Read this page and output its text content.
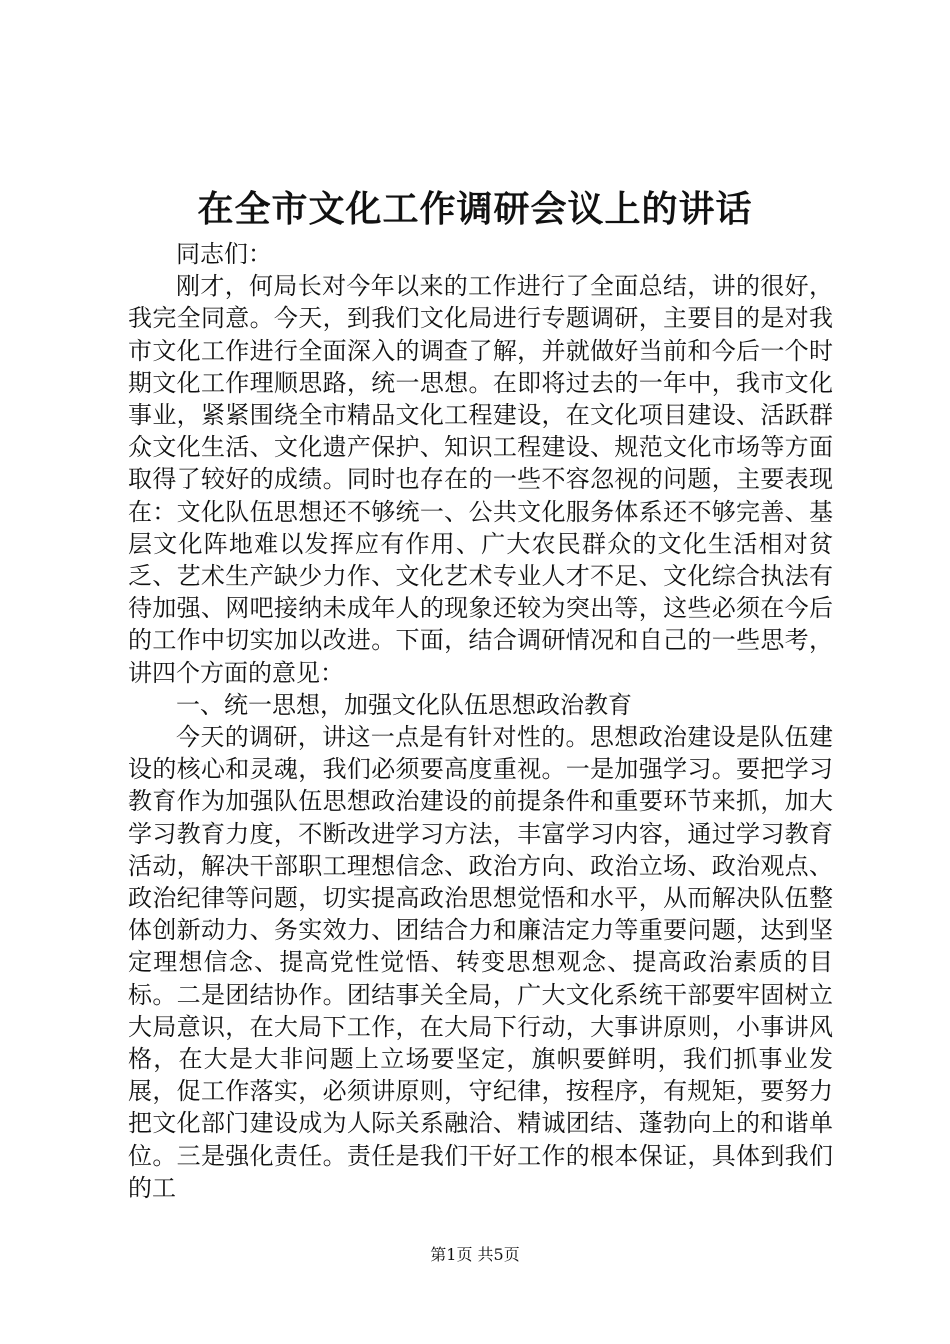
在全市文化工作调研会议上的讲话

同志们：

刚才，何局长对今年以来的工作进行了全面总结，讲的很好，我完全同意。今天，到我们文化局进行专题调研，主要目的是对我市文化工作进行全面深入的调查了解，并就做好当前和今后一个时期文化工作理顺思路，统一思想。在即将过去的一年中，我市文化事业，紧紧围绕全市精品文化工程建设，在文化项目建设、活跃群众文化生活、文化遗产保护、知识工程建设、规范文化市场等方面取得了较好的成绩。同时也存在的一些不容忽视的问题，主要表现在：文化队伍思想还不够统一、公共文化服务体系还不够完善、基层文化阵地难以发挥应有作用、广大农民群众的文化生活相对贫乏、艺术生产缺少力作、文化艺术专业人才不足、文化综合执法有待加强、网吧接纳未成年人的现象还较为突出等，这些必须在今后的工作中切实加以改进。下面，结合调研情况和自己的一些思考，讲四个方面的意见：

一、统一思想，加强文化队伍思想政治教育

今天的调研，讲这一点是有针对性的。思想政治建设是队伍建设的核心和灵魂，我们必须要高度重视。一是加强学习。要把学习教育作为加强队伍思想政治建设的前提条件和重要环节来抓，加大学习教育力度，不断改进学习方法，丰富学习内容，通过学习教育活动，解决干部职工理想信念、政治方向、政治立场、政治观点、政治纪律等问题，切实提高政治思想觉悟和水平，从而解决队伍整体创新动力、务实效力、团结合力和廉洁定力等重要问题，达到坚定理想信念、提高党性觉悟、转变思想观念、提高政治素质的目标。二是团结协作。团结事关全局，广大文化系统干部要牢固树立大局意识，在大局下工作，在大局下行动，大事讲原则，小事讲风格，在大是大非问题上立场要坚定，旗帜要鲜明，我们抓事业发展，促工作落实，必须讲原则，守纪律，按程序，有规矩，要努力把文化部门建设成为人际关系融洽、精诚团结、蓬勃向上的和谐单位。三是强化责任。责任是我们干好工作的根本保证，具体到我们的工

第1页 共5页
